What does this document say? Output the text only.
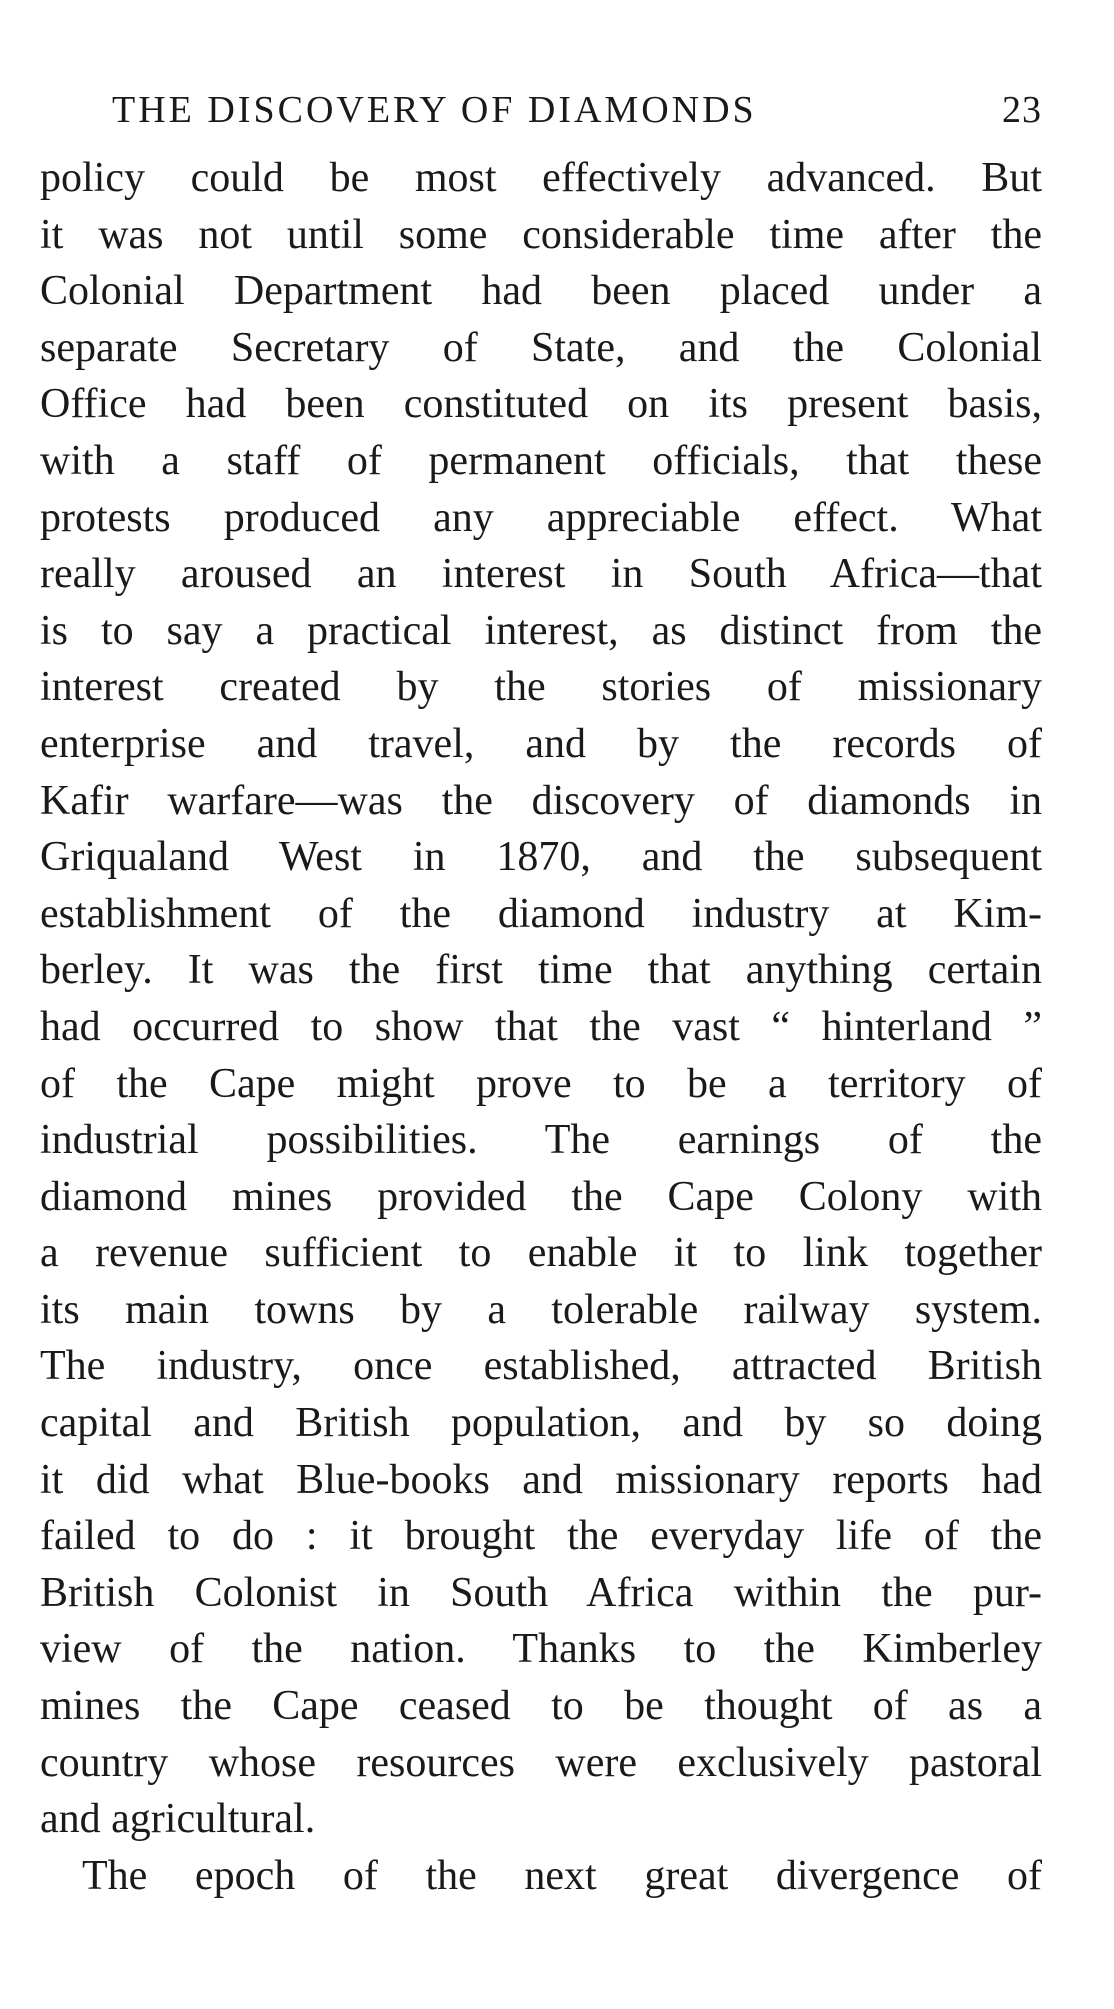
THE DISCOVERY OF DIAMONDS	23
policy could be most effectively advanced. But
it was not until some considerable time after the
Colonial Department had been placed under a
separate Secretary of State, and the Colonial
Office had been constituted on its present basis,
with a staff of permanent officials, that these
protests produced any appreciable effect. What
really aroused an interest in South Africa—that
is to say a practical interest, as distinct from the
interest created by the stories of missionary
enterprise and travel, and by the records of
Kafir warfare—was the discovery of diamonds in
Griqualand West in 1870, and the subsequent
establishment of the diamond industry at Kim-
berley. It was the first time that anything certain
had occurred to show that the vast “ hinterland ”
of the Cape might prove to be a territory of
industrial possibilities. The earnings of the
diamond mines provided the Cape Colony with
a revenue sufficient to enable it to link together
its main towns by a tolerable railway system.
The industry, once established, attracted British
capital and British population, and by so doing
it did what Blue-books and missionary reports had
failed to do : it brought the everyday life of the
British Colonist in South Africa within the pur-
view of the nation. Thanks to the Kimberley
mines the Cape ceased to be thought of as a
country whose resources were exclusively pastoral
and agricultural.
The epoch of the next great divergence of
